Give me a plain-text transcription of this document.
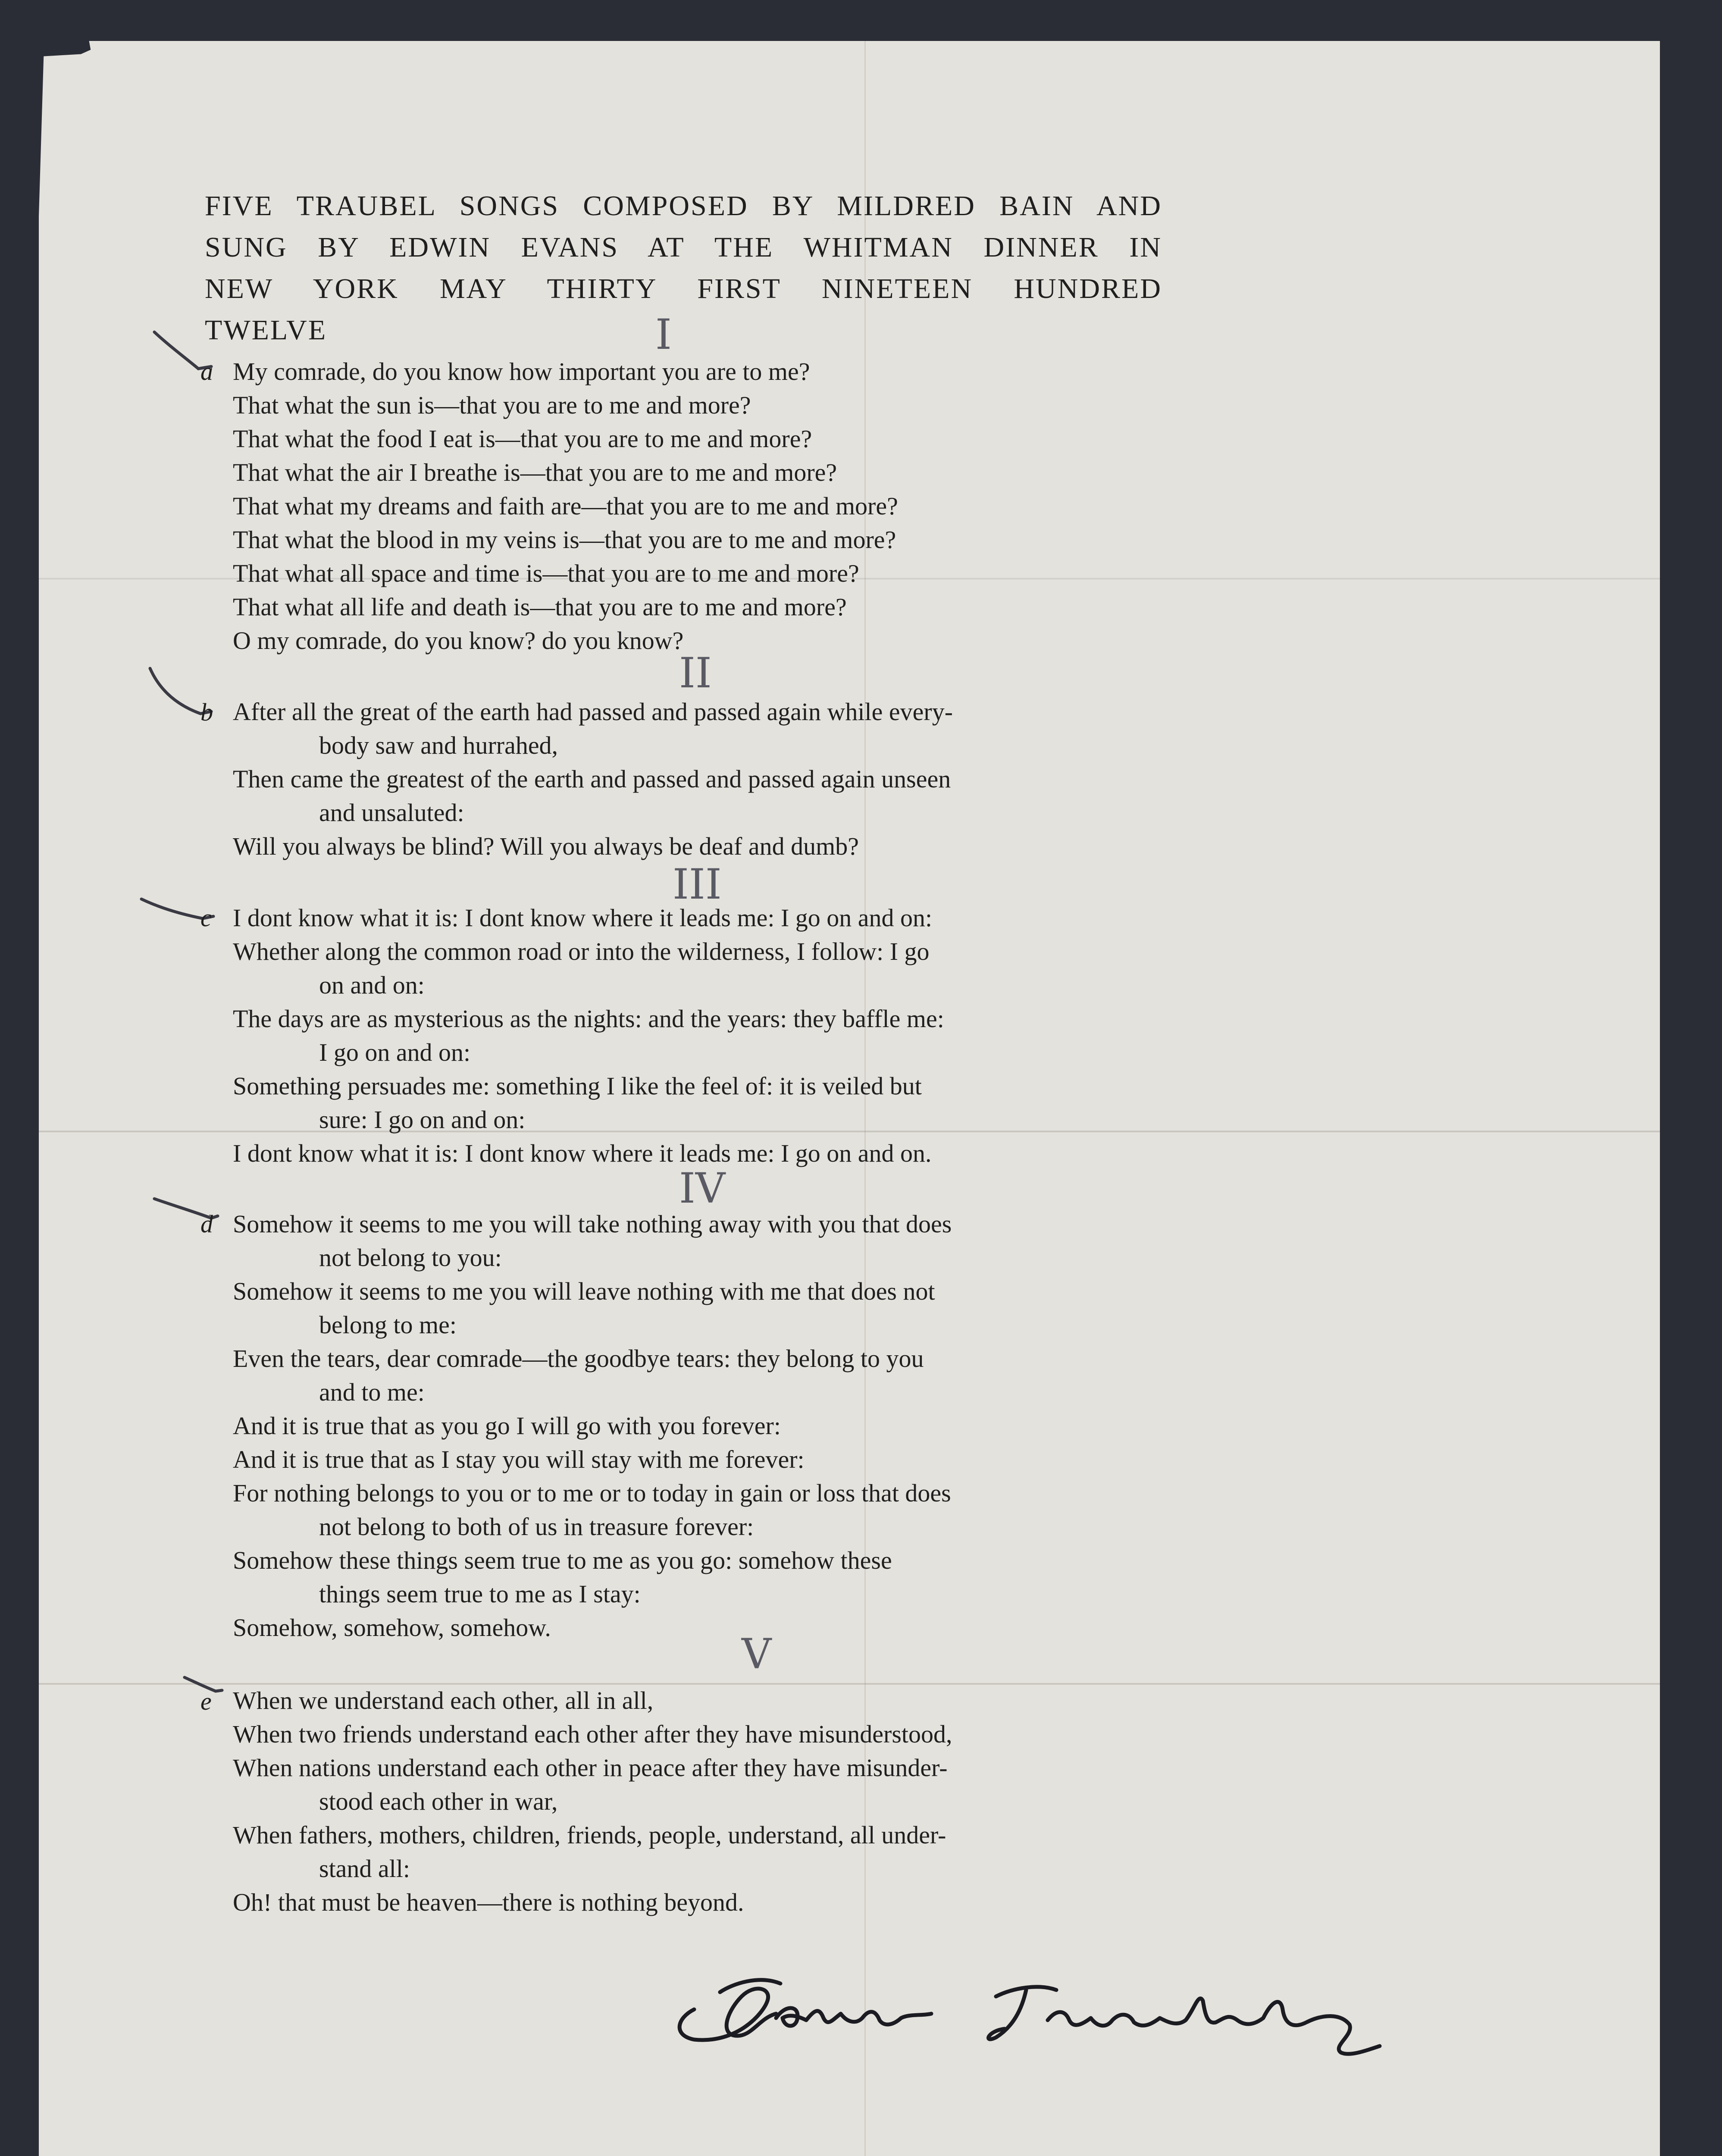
FIVE TRAUBEL SONGS COMPOSED BY MILDRED BAIN AND
SUNG BY EDWIN EVANS AT THE WHITMAN DINNER IN
NEW YORK MAY THIRTY FIRST NINETEEN HUNDRED
TWELVE	I
a My comrade, do you know how important you are to me?
That what the sun is—that you are to me and more?
That what the food I eat is—that you are to me and more?
That what the air I breathe is—that you are to me and more?
That what my dreams and faith are—that you are to me and more?
That what the blood in my veins is—that you are to me and more?
That what all space and time is—that you are to me and more?
That what all life and death is—that you are to me and more?
O my comrade, do you know? do you know?
II
b After all the great of the earth had passed and passed again while every-
body saw and hurrahed,
Then came the greatest of the earth and passed and passed again unseen
and unsaluted:
Will you always be blind? Will you always be deaf and dumb?
III
c I dont know what it is: I dont know where it leads me: I go on and on:
Whether along the common road or into the wilderness, I follow: I go
on and on:
The days are as mysterious as the nights: and the years: they baffle me:
I go on and on:
Something persuades me: something I like the feel of: it is veiled but
sure: I go on and on:
I dont know what it is: I dont know where it leads me: I go on and on.
IV
d Somehow it seems to me you will take nothing away with you that does
not belong to you:
Somehow it seems to me you will leave nothing with me that does not
belong to me:
Even the tears, dear comrade—the goodbye tears: they belong to you
and to me:
And it is true that as you go I will go with you forever:
And it is true that as I stay you will stay with me forever:
For nothing belongs to you or to me or to today in gain or loss that does
not belong to both of us in treasure forever:
Somehow these things seem true to me as you go: somehow these
things seem true to me as I stay:
Somehow, somehow, somehow.
V
e When we understand each other, all in all,
When two friends understand each other after they have misunderstood,
When nations understand each other in peace after they have misunder-
stood each other in war,
When fathers, mothers, children, friends, people, understand, all under-
stand all:
Oh! that must be heaven—there is nothing beyond.
